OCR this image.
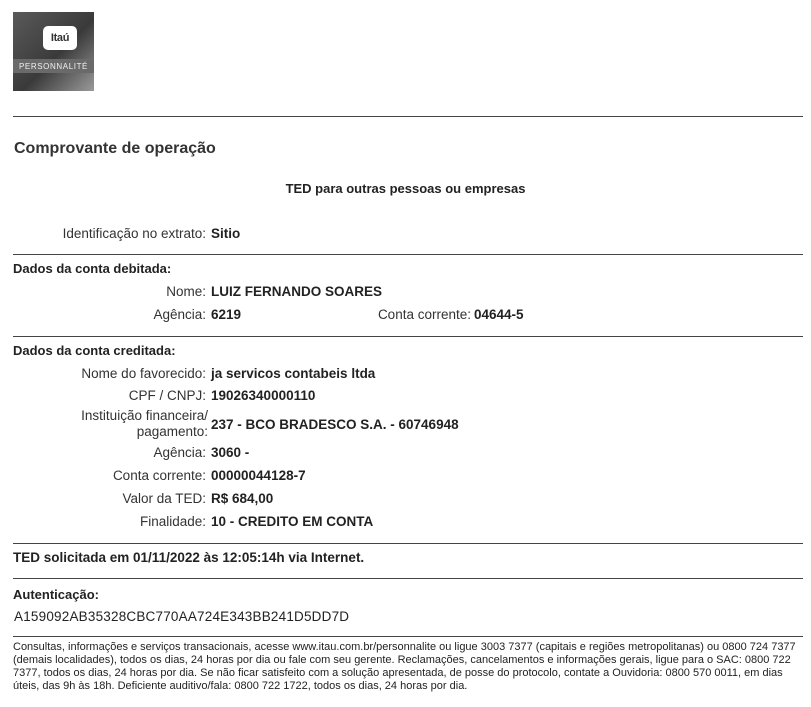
Itaú
PERSONNALITÉ
Comprovante de operação
TED para outras pessoas ou empresas
Identificação no extrato: Sitio
Dados da conta debitada:
Nome: LUIZ FERNANDO SOARES
Agência: 6219	Conta corrente: 04644-5
Dados da conta creditada:
Nome do favorecido: ja servicos contabeis ltda
CPF / CNPJ: 19026340000110
Instituição financeira/
pagamento: 237 - BCO BRADESCO S.A. - 60746948
Agência: 3060 -
Conta corrente: 00000044128-7
Valor da TED: R$ 684,00
Finalidade: 10 - CREDITO EM CONTA
TED solicitada em 01/11/2022 às 12:05:14h via Internet.
Autenticação:
A159092AB35328CBC770AA724E343BB241D5DD7D
Consultas, informações e serviços transacionais, acesse www.itau.com.br/personnalite ou ligue 3003 7377 (capitais e regiões metropolitanas) ou 0800 724 7377 (demais localidades), todos os dias, 24 horas por dia ou fale com seu gerente. Reclamações, cancelamentos e informações gerais, ligue para o SAC: 0800 722 7377, todos os dias, 24 horas por dia. Se não ficar satisfeito com a solução apresentada, de posse do protocolo, contate a Ouvidoria: 0800 570 0011, em dias úteis, das 9h às 18h. Deficiente auditivo/fala: 0800 722 1722, todos os dias, 24 horas por dia.
